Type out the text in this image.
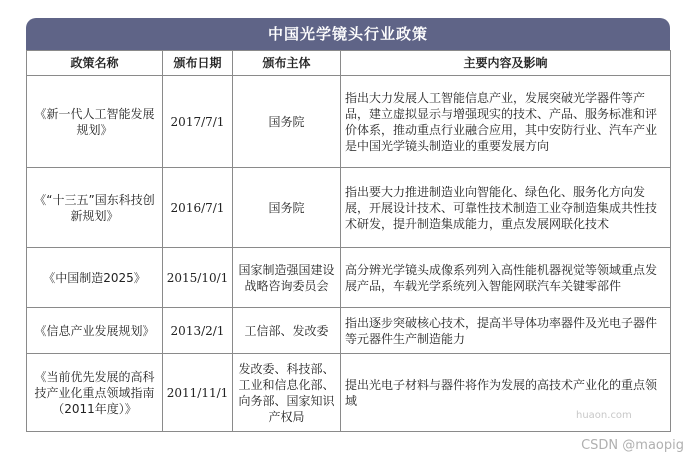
中国光学镜头行业政策
政策名称	颁布日期	颁布主体	主要内容及影响
《新一代人工智能发展规划》	2017/7/1	国务院	指出大力发展人工智能信息产业，发展突破光学器件等产品，建立虚拟显示与增强现实的技术、产品、服务标准和评价体系，推动重点行业融合应用，其中安防行业、汽车产业是中国光学镜头制造业的重要发展方向
《“十三五”国东科技创新规划》	2016/7/1	国务院	指出要大力推进制造业向智能化、绿色化、服务化方向发展，开展设计技术、可靠性技术制造工业夺制造集成共性技术研发，提升制造集成能力，重点发展网联化技术
《中国制造2025》	2015/10/1	国家制造强国建设战略咨询委员会	高分辨光学镜头成像系列列入高性能机器视觉等领域重点发展产品，车载光学系统列入智能网联汽车关键零部件
《信息产业发展规划》	2013/2/1	工信部、发改委	指出逐步突破核心技术，提高半导体功率器件及光电子器件等元器件生产制造能力
《当前优先发展的高科技产业化重点领域指南（2011年度）》	2011/11/1	发改委、科技部、工业和信息化部、向务部、国家知识产权局	提出光电子材料与器件将作为发展的高技术产业化的重点领域
huaon.com
CSDN @maopig
